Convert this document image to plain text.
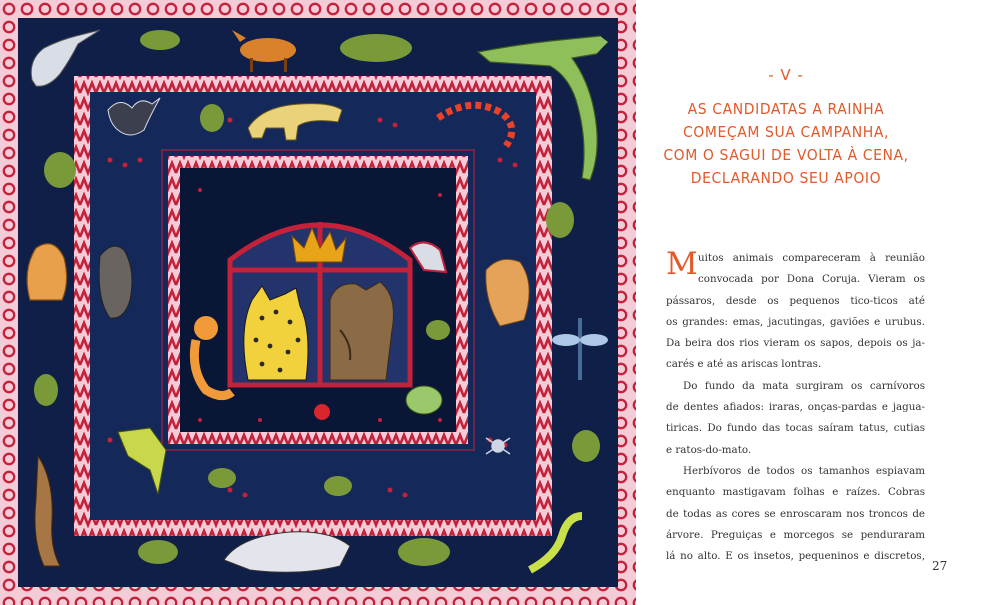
- V -
AS CANDIDATAS A RAINHA
COMEÇAM SUA CAMPANHA,
COM O SAGUI DE VOLTA À CENA,
DECLARANDO SEU APOIO
M uitos animais compareceram à reunião
convocada por Dona Coruja. Vieram os
pássaros, desde os pequenos tico-ticos até
os grandes: emas, jacutingas, gaviões e urubus.
Da beira dos rios vieram os sapos, depois os ja-
carés e até as ariscas lontras.
Do fundo da mata surgiram os carnívoros
de dentes afiados: iraras, onças-pardas e jagua-
tiricas. Do fundo das tocas saíram tatus, cutias
e ratos-do-mato.
Herbívoros de todos os tamanhos espiavam
enquanto mastigavam folhas e raízes. Cobras
de todas as cores se enroscaram nos troncos de
árvore. Preguiças e morcegos se penduraram
lá no alto. E os insetos, pequeninos e discretos,
27
